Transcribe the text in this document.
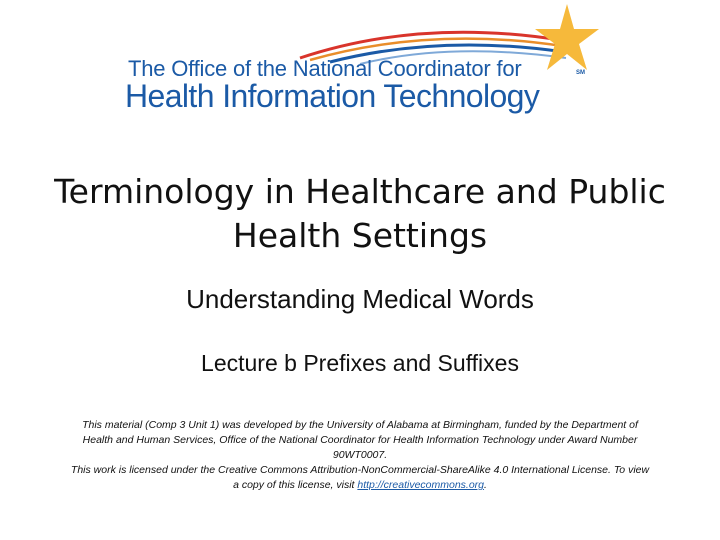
The Office of the National Coordinator for
Health Information Technology
SM
Terminology in Healthcare and Public
Health Settings
Understanding Medical Words
Lecture b Prefixes and Suffixes

This material (Comp 3 Unit 1) was developed by the University of Alabama at Birmingham, funded by the Department of Health and Human Services, Office of the National Coordinator for Health Information Technology under Award Number 90WT0007.

This work is licensed under the Creative Commons Attribution-NonCommercial-ShareAlike 4.0 International License. To view a copy of this license, visit http://creativecommons.org.
